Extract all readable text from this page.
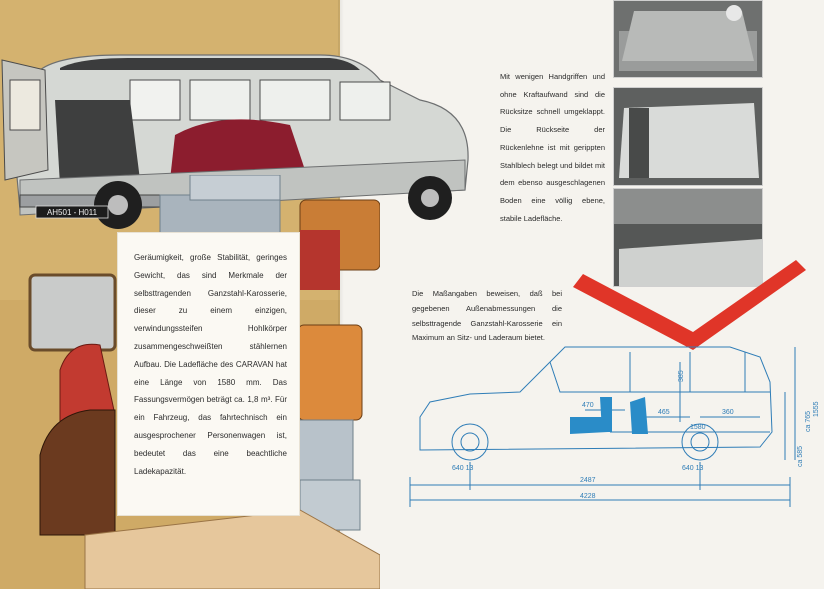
AH501 - H011

Geräumigkeit, große Stabilität, geringes Gewicht, das sind Merkmale der selbsttragenden Ganzstahl-Karosserie, dieser zu einem einzigen, verwindungssteifen Hohlkörper zusammengeschweißten stählernen Aufbau. Die Ladefläche des CARAVAN hat eine Länge von 1580 mm. Das Fassungsvermögen beträgt ca. 1,8 m³. Für ein Fahrzeug, das fahrtechnisch ein ausgesprochener Personenwagen ist, bedeutet das eine beachtliche Ladekapazität.

Mit wenigen Handgriffen und ohne Kraftaufwand sind die Rücksitze schnell umgeklappt. Die Rückseite der Rückenlehne ist mit gerippten Stahlblech belegt und bildet mit dem ebenso ausgeschlagenen Boden eine völlig ebene, stabile Ladefläche.

Die Maßangaben beweisen, daß bei gegebenen Außenabmessungen die selbsttragende Ganzstahl-Karosserie ein Maximum an Sitz- und Laderaum bietet.

470
465	360
1580
385
ca 765
ca 585
1555
640 13	640 13
2487
4228
